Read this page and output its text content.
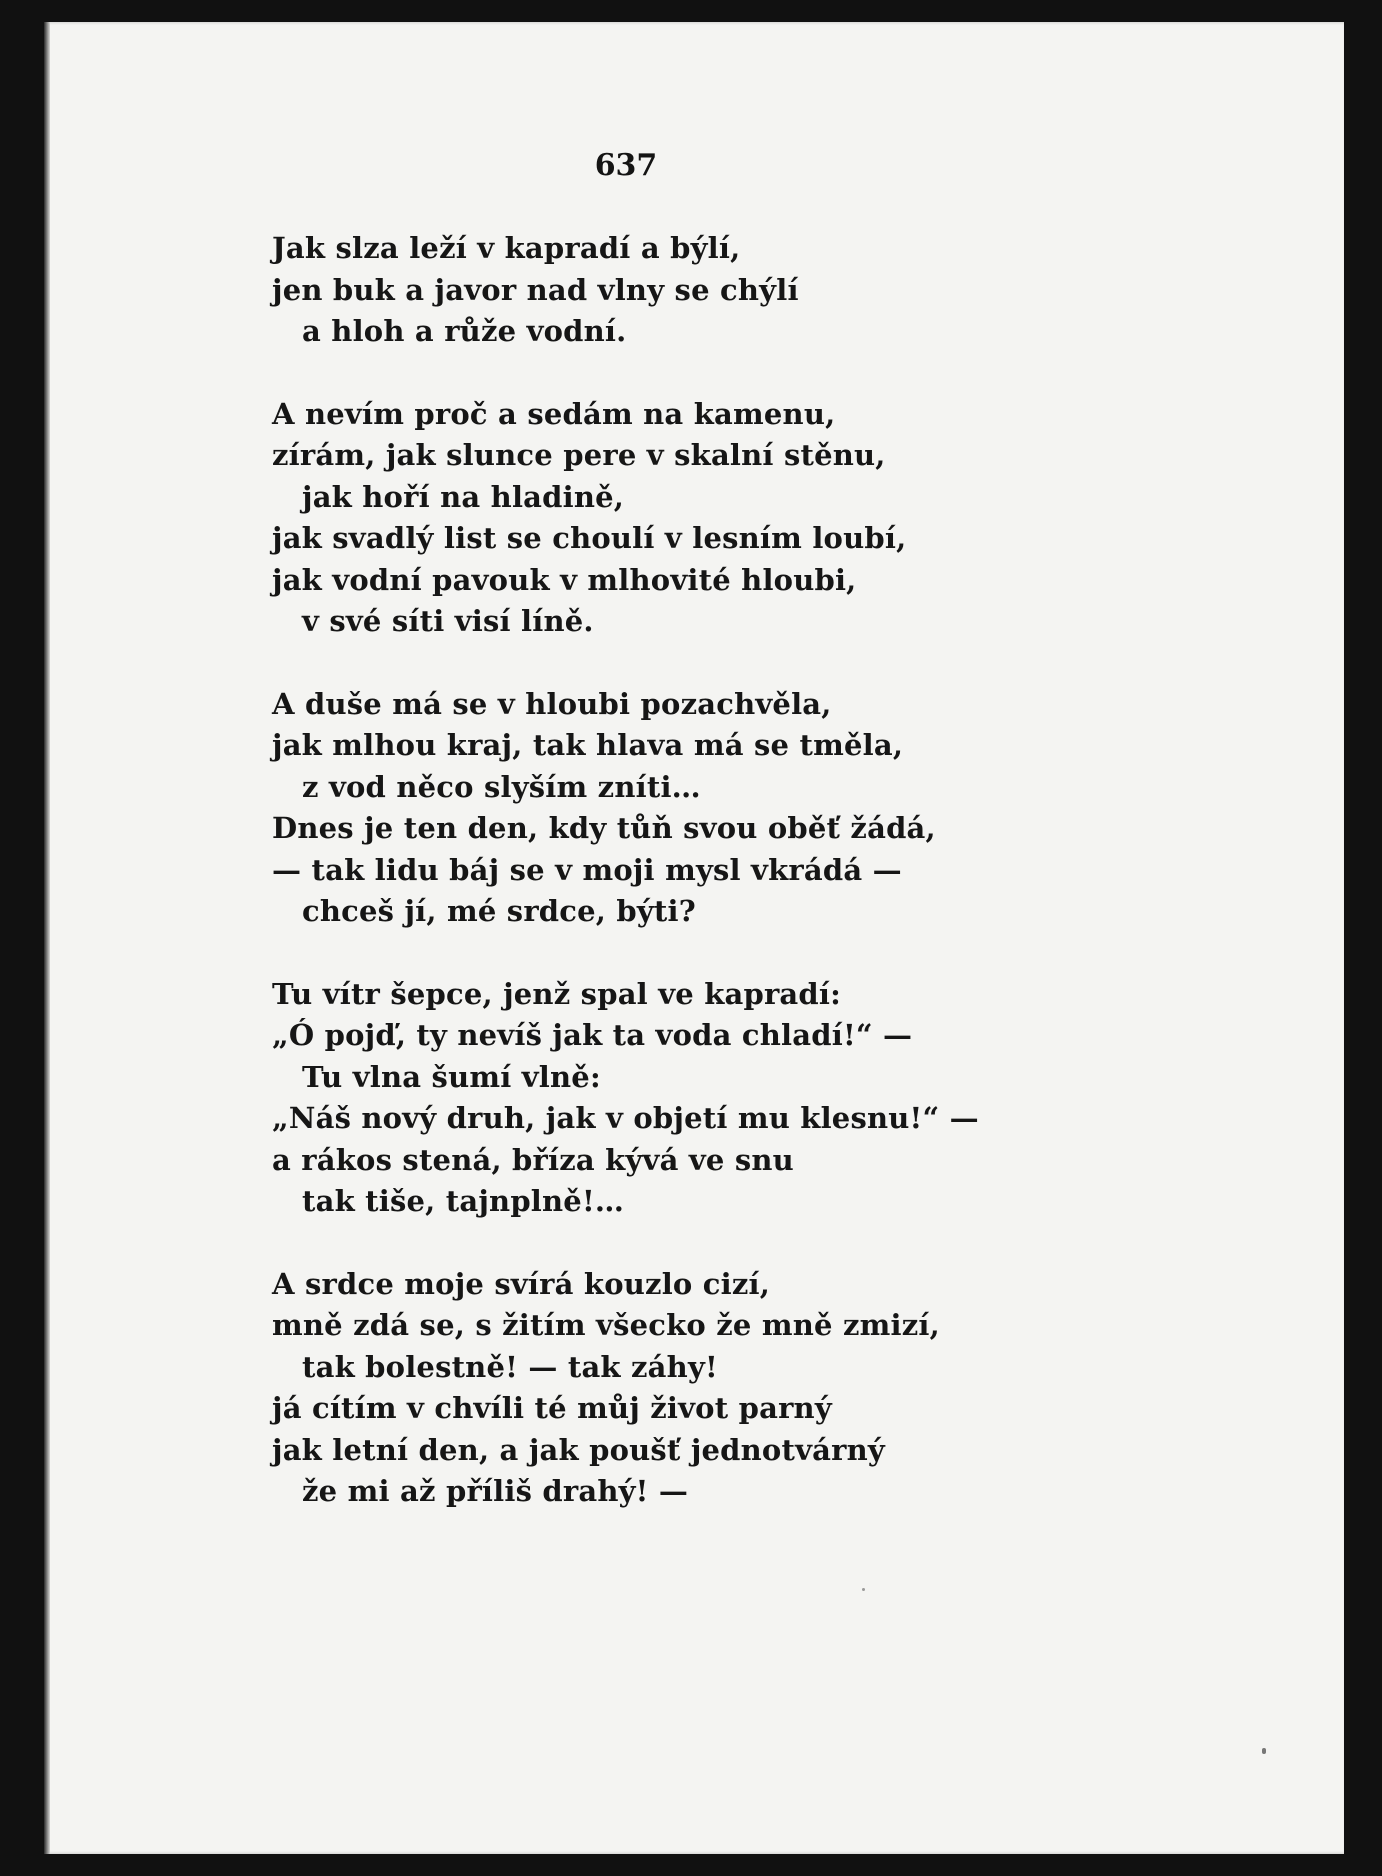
637
Jak slza leží v kapradí a býlí,
jen buk a javor nad vlny se chýlí
a hloh a růže vodní.
A nevím proč a sedám na kamenu,
zírám, jak slunce pere v skalní stěnu,
jak hoří na hladině,
jak svadlý list se choulí v lesním loubí,
jak vodní pavouk v mlhovité hloubi,
v své síti visí líně.
A duše má se v hloubi pozachvěla,
jak mlhou kraj, tak hlava má se tměla,
z vod něco slyším zníti…
Dnes je ten den, kdy tůň svou oběť žádá,
— tak lidu báj se v moji mysl vkrádá —
chceš jí, mé srdce, býti?
Tu vítr šepce, jenž spal ve kapradí:
„Ó pojď, ty nevíš jak ta voda chladí!“ —
Tu vlna šumí vlně:
„Náš nový druh, jak v objetí mu klesnu!“ —
a rákos stená, bříza kývá ve snu
tak tiše, tajnplně!…
A srdce moje svírá kouzlo cizí,
mně zdá se, s žitím všecko že mně zmizí,
tak bolestně! — tak záhy!
já cítím v chvíli té můj život parný
jak letní den, a jak poušť jednotvárný
že mi až příliš drahý! —
